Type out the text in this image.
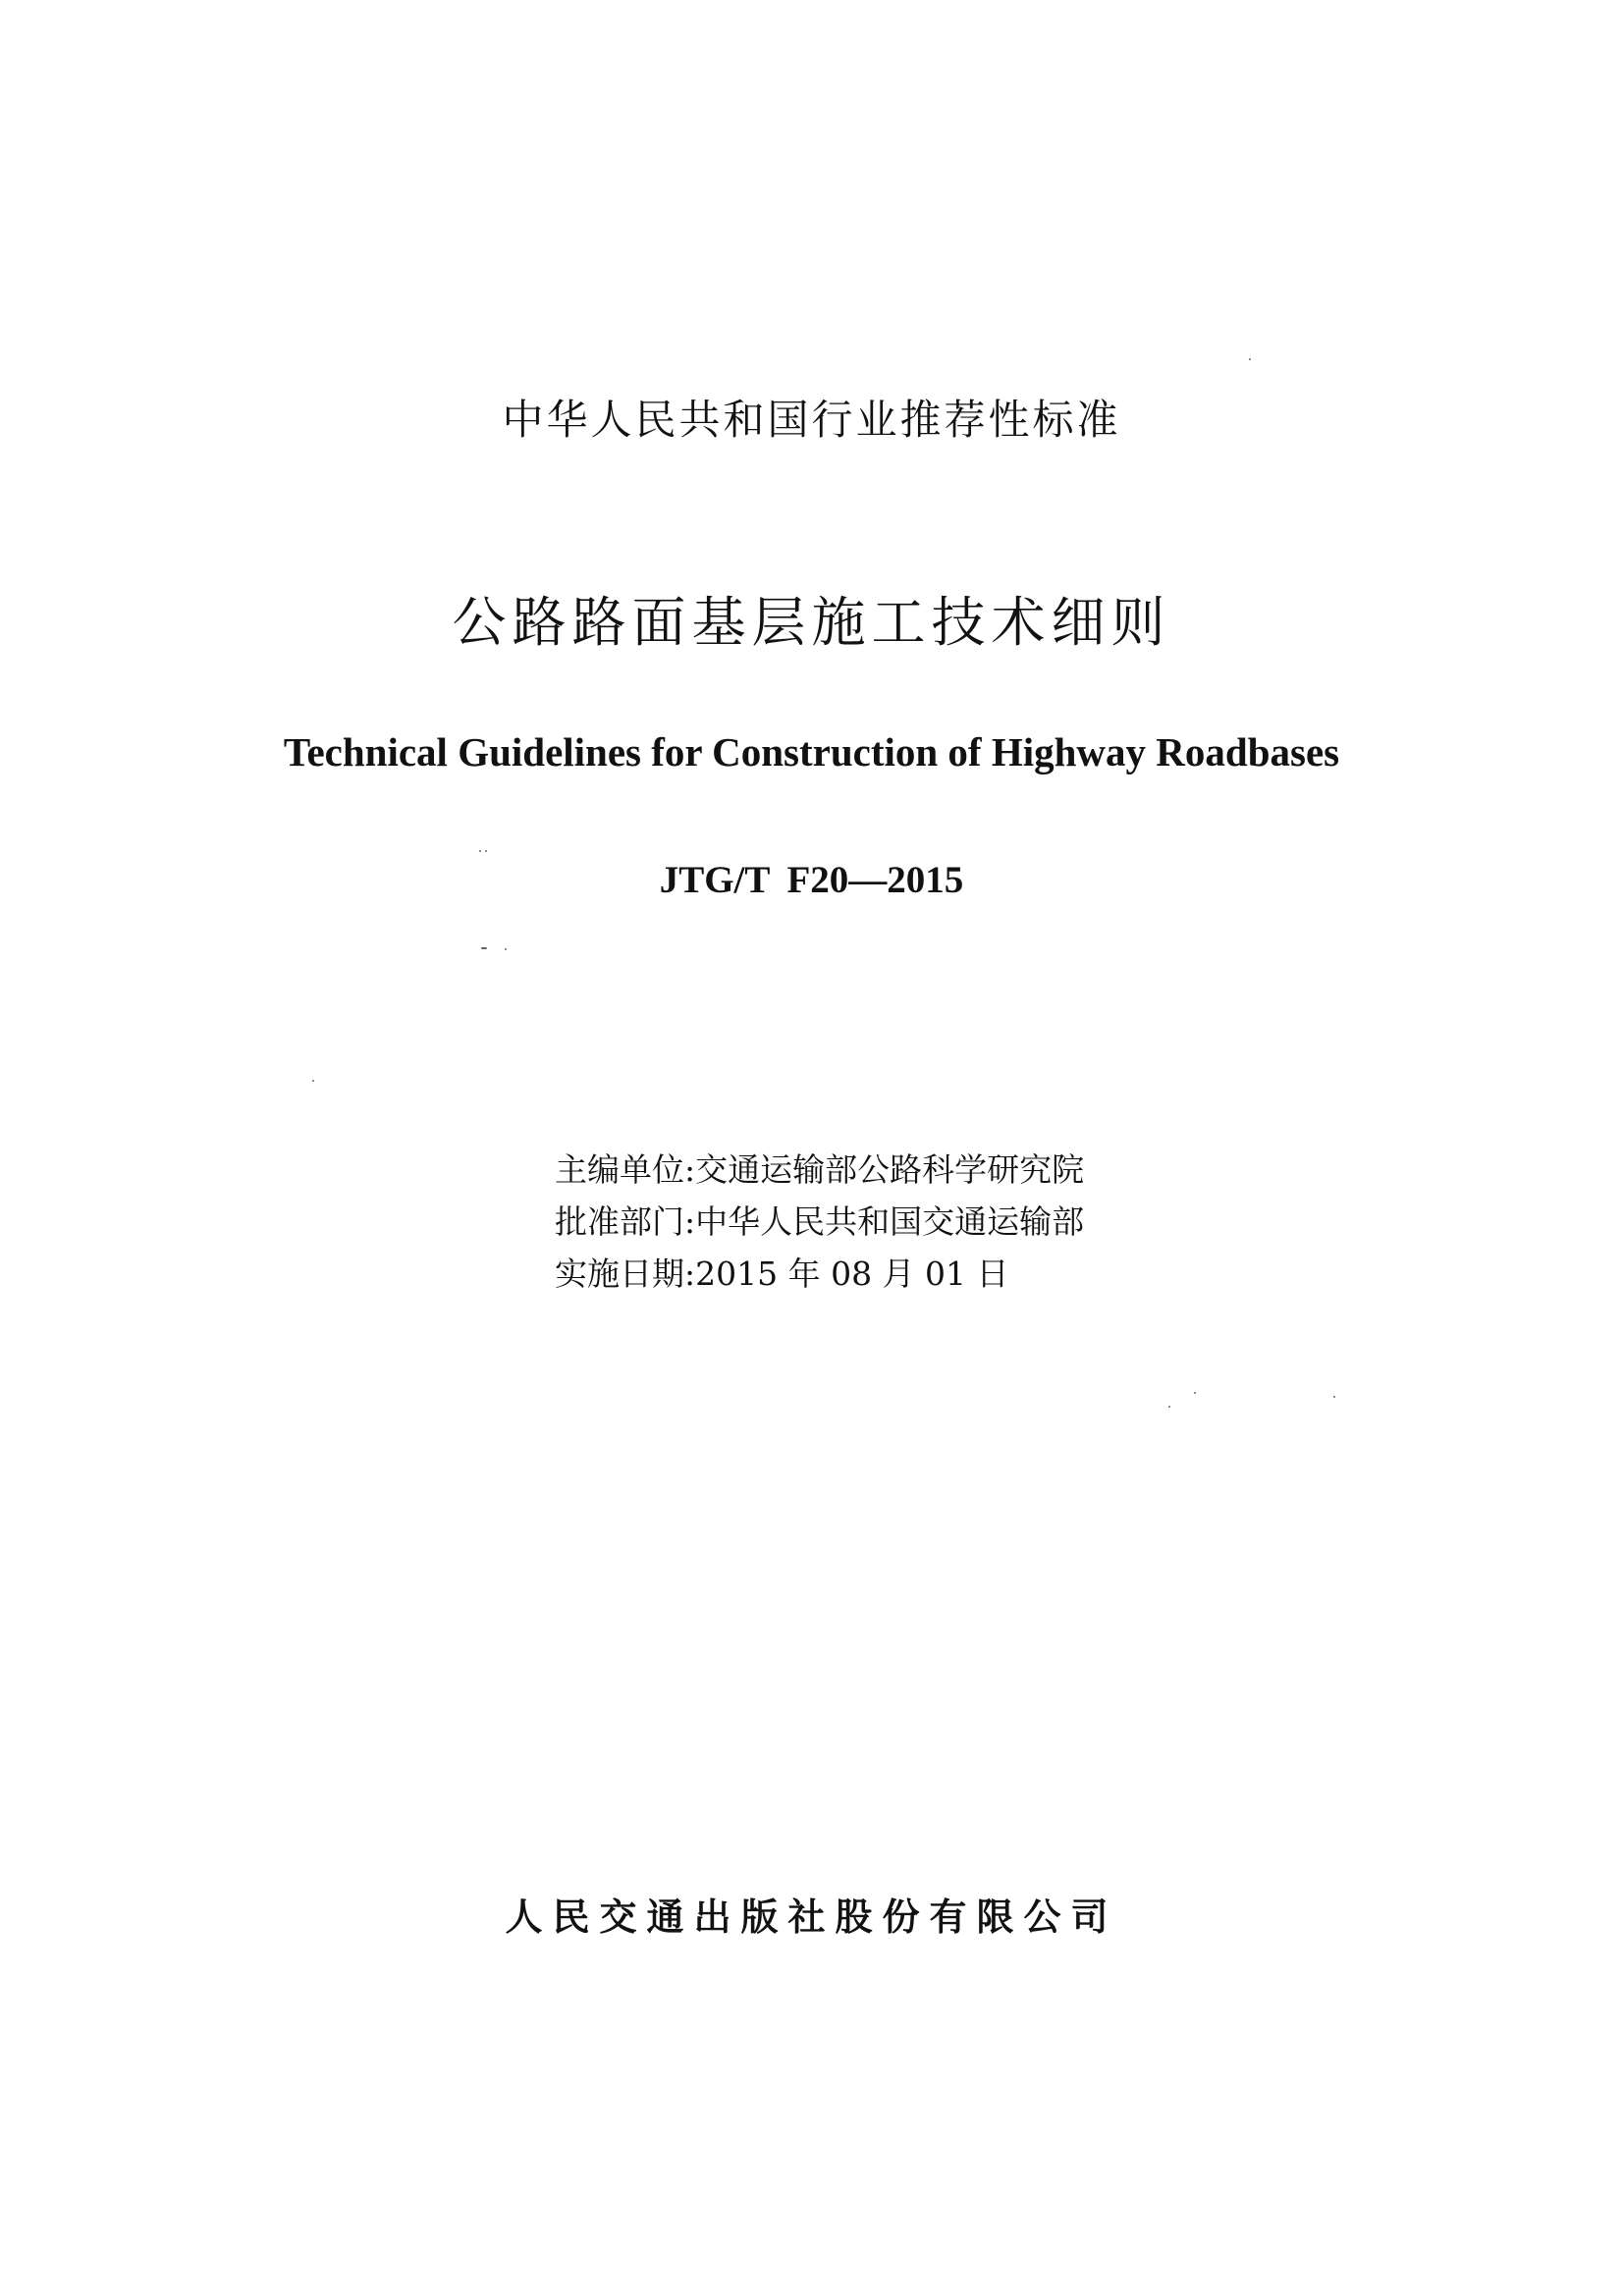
中华人民共和国行业推荐性标准
公路路面基层施工技术细则
Technical Guidelines for Construction of Highway Roadbases
JTG/T F20—2015
主编单位:交通运输部公路科学研究院
批准部门:中华人民共和国交通运输部
实施日期:2015 年 08 月 01 日
人民交通出版社股份有限公司
